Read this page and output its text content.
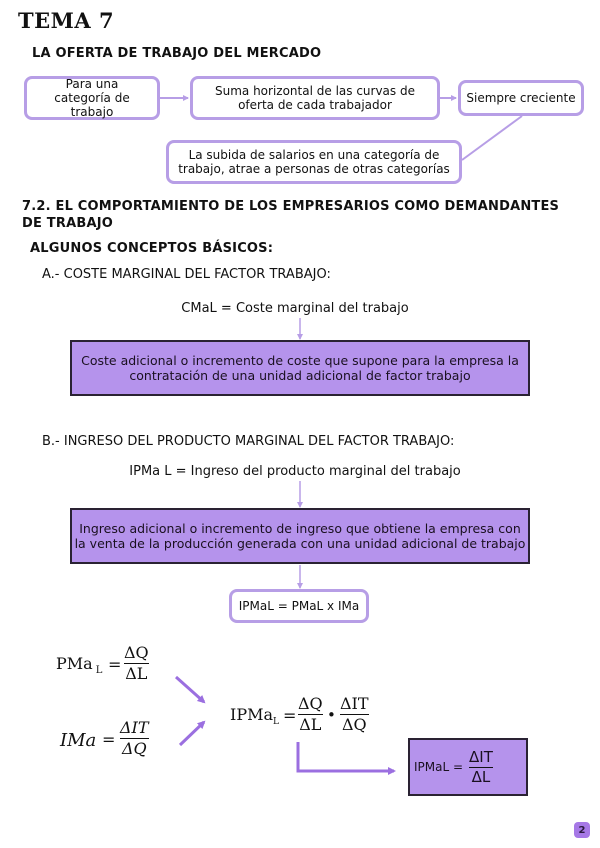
TEMA 7
LA OFERTA DE TRABAJO DEL MERCADO
Para una categoría de trabajo
Suma horizontal de las curvas de oferta de cada trabajador	Siempre creciente
La subida de salarios en una categoría de trabajo, atrae a personas de otras categorías
7.2. EL COMPORTAMIENTO DE LOS EMPRESARIOS COMO DEMANDANTES
DE TRABAJO
ALGUNOS CONCEPTOS BÁSICOS:
A.- COSTE MARGINAL DEL FACTOR TRABAJO:
CMaL = Coste marginal del trabajo
Coste adicional o incremento de coste que supone para la empresa la contratación de una unidad adicional de factor trabajo
B.- INGRESO DEL PRODUCTO MARGINAL DEL FACTOR TRABAJO:
IPMa L = Ingreso del producto marginal del trabajo
Ingreso adicional o incremento de ingreso que obtiene la empresa con la venta de la producción generada con una unidad adicional de trabajo
IPMaL = PMaL x IMa
PMa $_L$ =
ΔQ
ΔL
IMa =
ΔIT
ΔQ
IPMa$_L$ =
ΔQ
ΔL •
ΔIT
ΔQ
IPMaL =
ΔIT
ΔL
2
